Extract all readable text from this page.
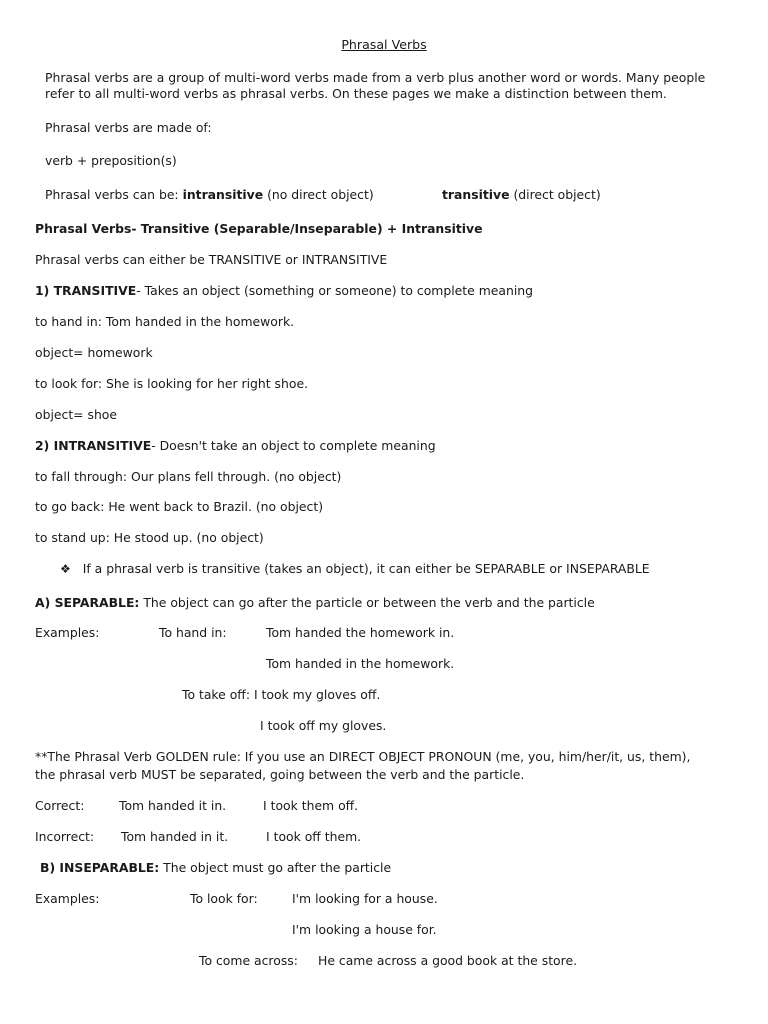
Phrasal Verbs
Phrasal verbs are a group of multi-word verbs made from a verb plus another word or words. Many people
refer to all multi-word verbs as phrasal verbs. On these pages we make a distinction between them.
Phrasal verbs are made of:
verb + preposition(s)
Phrasal verbs can be: intransitive (no direct object)	transitive (direct object)
Phrasal Verbs- Transitive (Separable/Inseparable) + Intransitive
Phrasal verbs can either be TRANSITIVE or INTRANSITIVE
1) TRANSITIVE- Takes an object (something or someone) to complete meaning
to hand in: Tom handed in the homework.
object= homework
to look for: She is looking for her right shoe.
object= shoe
2) INTRANSITIVE- Doesn't take an object to complete meaning
to fall through: Our plans fell through. (no object)
to go back: He went back to Brazil. (no object)
to stand up: He stood up. (no object)
❖ If a phrasal verb is transitive (takes an object), it can either be SEPARABLE or INSEPARABLE
A) SEPARABLE: The object can go after the particle or between the verb and the particle
Examples:	To hand in:	Tom handed the homework in.
Tom handed in the homework.
To take off: I took my gloves off.
I took off my gloves.
**The Phrasal Verb GOLDEN rule: If you use an DIRECT OBJECT PRONOUN (me, you, him/her/it, us, them),
the phrasal verb MUST be separated, going between the verb and the particle.
Correct:	Tom handed it in.	I took them off.
Incorrect: Tom handed in it.	I took off them.
B) INSEPARABLE: The object must go after the particle
Examples:	To look for:	I'm looking for a house.
I'm looking a house for.
To come across: He came across a good book at the store.
